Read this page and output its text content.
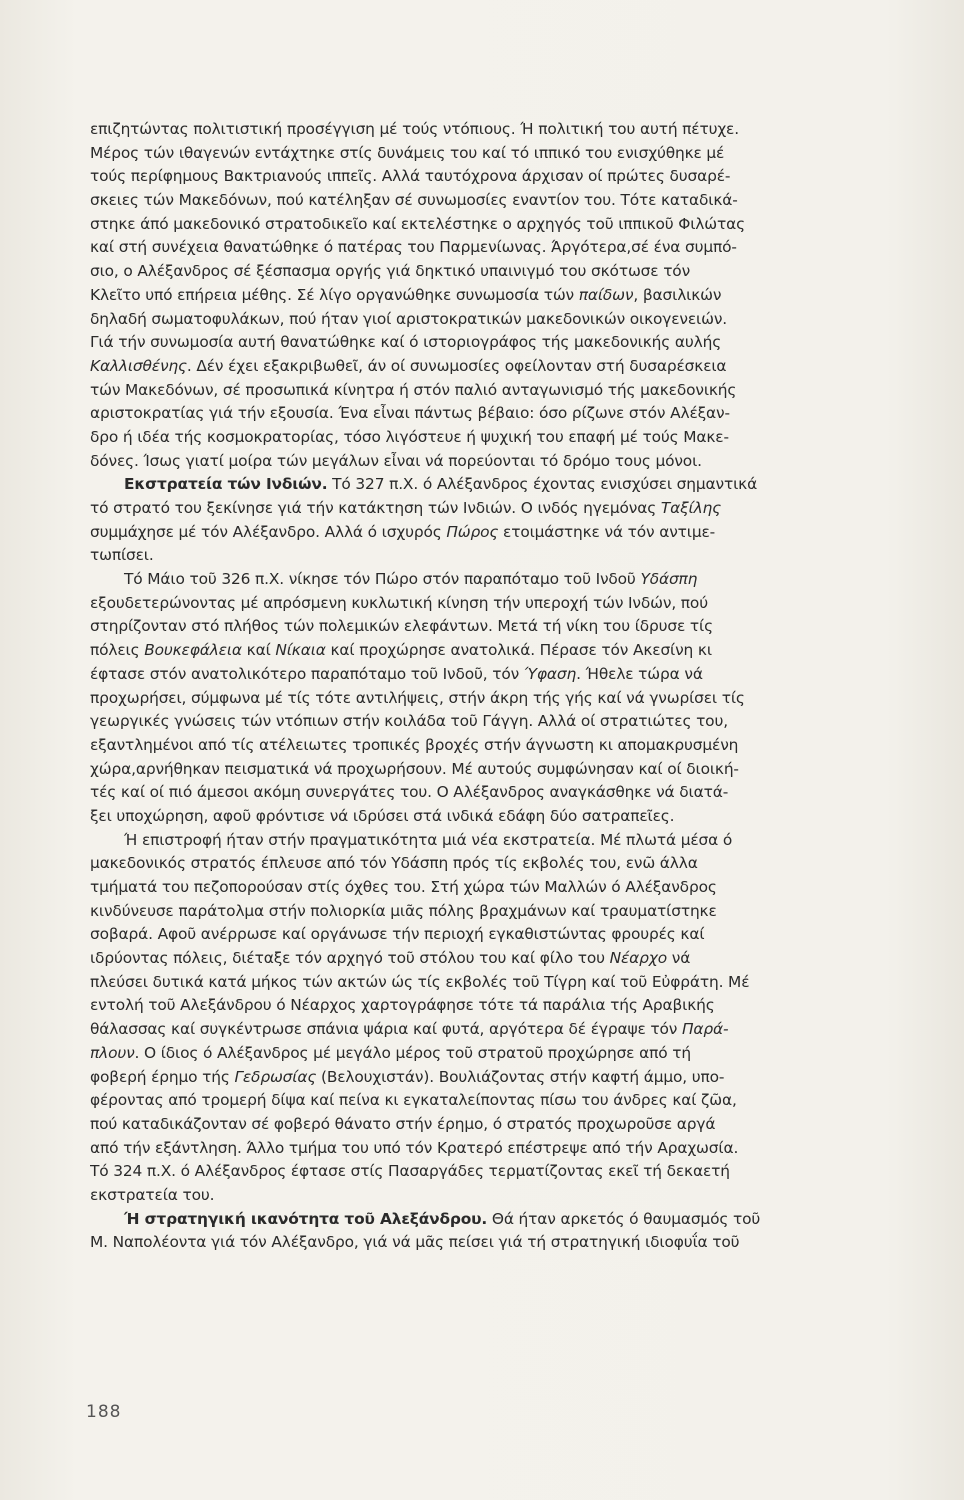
επιζητώντας πολιτιστική προσέγγιση μέ τούς ντόπιους. Ή πολιτική του αυτή πέτυχε.
Μέρος τών ιθαγενών εντάχτηκε στίς δυνάμεις του καί τό ιππικό του ενισχύθηκε μέ
τούς περίφημους Βακτριανούς ιππεῖς. Αλλά ταυτόχρονα άρχισαν οί πρώτες δυσαρέ-
σκειες τών Μακεδόνων, πού κατέληξαν σέ συνωμοσίες εναντίον του. Τότε καταδικά-
στηκε άπό μακεδονικό στρατοδικεῖο καί εκτελέστηκε ο αρχηγός τοῦ ιππικοῦ Φιλώτας
καί στή συνέχεια θανατώθηκε ό πατέρας του Παρμενίωνας. Άργότερα,σέ ένα συμπό-
σιο, ο Αλέξανδρος σέ ξέσπασμα οργής γιά δηκτικό υπαινιγμό του σκότωσε τόν
Κλεῖτο υπό επήρεια μέθης. Σέ λίγο οργανώθηκε συνωμοσία τών παίδων, βασιλικών
δηλαδή σωματοφυλάκων, πού ήταν γιοί αριστοκρατικών μακεδονικών οικογενειών.
Γιά τήν συνωμοσία αυτή θανατώθηκε καί ό ιστοριογράφος τής μακεδονικής αυλής
Καλλισθένης. Δέν έχει εξακριβωθεῖ, άν οί συνωμοσίες οφείλονταν στή δυσαρέσκεια
τών Μακεδόνων, σέ προσωπικά κίνητρα ή στόν παλιό ανταγωνισμό τής μακεδονικής
αριστοκρατίας γιά τήν εξουσία. Ένα εἶναι πάντως βέβαιο: όσο ρίζωνε στόν Αλέξαν-
δρο ή ιδέα τής κοσμοκρατορίας, τόσο λιγόστευε ή ψυχική του επαφή μέ τούς Μακε-
δόνες. Ίσως γιατί μοίρα τών μεγάλων εἶναι νά πορεύονται τό δρόμο τους μόνοι.
Εκστρατεία τών Ινδιών. Τό 327 π.Χ. ό Αλέξανδρος έχοντας ενισχύσει σημαντικά
τό στρατό του ξεκίνησε γιά τήν κατάκτηση τών Ινδιών. Ο ινδός ηγεμόνας Ταξίλης
συμμάχησε μέ τόν Αλέξανδρο. Αλλά ό ισχυρός Πώρος ετοιμάστηκε νά τόν αντιμε-
τωπίσει.
Τό Μάιο τοῦ 326 π.Χ. νίκησε τόν Πώρο στόν παραπόταμο τοῦ Ινδοῦ Υδάσπη
εξουδετερώνοντας μέ απρόσμενη κυκλωτική κίνηση τήν υπεροχή τών Ινδών, πού
στηρίζονταν στό πλήθος τών πολεμικών ελεφάντων. Μετά τή νίκη του ίδρυσε τίς
πόλεις Βουκεφάλεια καί Νίκαια καί προχώρησε ανατολικά. Πέρασε τόν Ακεσίνη κι
έφτασε στόν ανατολικότερο παραπόταμο τοῦ Ινδοῦ, τόν Ύφαση. Ήθελε τώρα νά
προχωρήσει, σύμφωνα μέ τίς τότε αντιλήψεις, στήν άκρη τής γής καί νά γνωρίσει τίς
γεωργικές γνώσεις τών ντόπιων στήν κοιλάδα τοῦ Γάγγη. Αλλά οί στρατιώτες του,
εξαντλημένοι από τίς ατέλειωτες τροπικές βροχές στήν άγνωστη κι απομακρυσμένη
χώρα,αρνήθηκαν πεισματικά νά προχωρήσουν. Μέ αυτούς συμφώνησαν καί οί διοική-
τές καί οί πιό άμεσοι ακόμη συνεργάτες του. Ο Αλέξανδρος αναγκάσθηκε νά διατά-
ξει υποχώρηση, αφοῦ φρόντισε νά ιδρύσει στά ινδικά εδάφη δύο σατραπεῖες.
Ή επιστροφή ήταν στήν πραγματικότητα μιά νέα εκστρατεία. Μέ πλωτά μέσα ό
μακεδονικός στρατός έπλευσε από τόν Υδάσπη πρός τίς εκβολές του, ενῶ άλλα
τμήματά του πεζοπορούσαν στίς όχθες του. Στή χώρα τών Μαλλών ό Αλέξανδρος
κινδύνευσε παράτολμα στήν πολιορκία μιᾶς πόλης βραχμάνων καί τραυματίστηκε
σοβαρά. Αφοῦ ανέρρωσε καί οργάνωσε τήν περιοχή εγκαθιστώντας φρουρές καί
ιδρύοντας πόλεις, διέταξε τόν αρχηγό τοῦ στόλου του καί φίλο του Νέαρχο νά
πλεύσει δυτικά κατά μήκος τών ακτών ώς τίς εκβολές τοῦ Τίγρη καί τοῦ Εὐφράτη. Μέ
εντολή τοῦ Αλεξάνδρου ό Νέαρχος χαρτογράφησε τότε τά παράλια τής Αραβικής
θάλασσας καί συγκέντρωσε σπάνια ψάρια καί φυτά, αργότερα δέ έγραψε τόν Παρά-
πλουν. Ο ίδιος ό Αλέξανδρος μέ μεγάλο μέρος τοῦ στρατοῦ προχώρησε από τή
φοβερή έρημο τής Γεδρωσίας (Βελουχιστάν). Βουλιάζοντας στήν καφτή άμμο, υπο-
φέροντας από τρομερή δίψα καί πείνα κι εγκαταλείποντας πίσω του άνδρες καί ζῶα,
πού καταδικάζονταν σέ φοβερό θάνατο στήν έρημο, ό στρατός προχωροῦσε αργά
από τήν εξάντληση. Άλλο τμήμα του υπό τόν Κρατερό επέστρεψε από τήν Αραχωσία.
Τό 324 π.Χ. ό Αλέξανδρος έφτασε στίς Πασαργάδες τερματίζοντας εκεῖ τή δεκαετή
εκστρατεία του.
Ή στρατηγική ικανότητα τοῦ Αλεξάνδρου. Θά ήταν αρκετός ό θαυμασμός τοῦ
Μ. Ναπολέοντα γιά τόν Αλέξανδρο, γιά νά μᾶς πείσει γιά τή στρατηγική ιδιοφυΐα τοῦ
188
